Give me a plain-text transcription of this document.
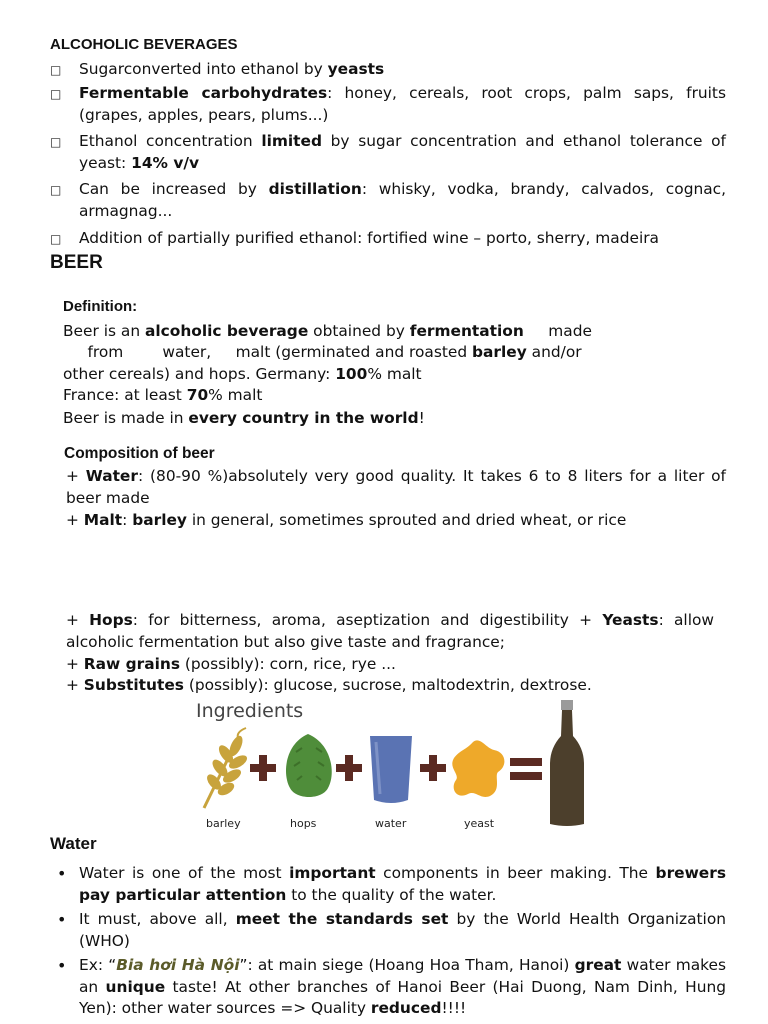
ALCOHOLIC BEVERAGES
□ Sugarconverted into ethanol by yeasts
□ Fermentable carbohydrates: honey, cereals, root crops, palm saps, fruits (grapes, apples, pears, plums...)
□ Ethanol concentration limited by sugar concentration and ethanol tolerance of yeast: 14% v/v
□ Can be increased by distillation: whisky, vodka, brandy, calvados, cognac, armagnag...
□ Addition of partially purified ethanol: fortified wine – porto, sherry, madeira
BEER
Definition:
Beer is an alcoholic beverage obtained by fermentation     made
from        water,     malt (germinated and roasted barley and/or
other cereals) and hops. Germany: 100% malt
France: at least 70% malt
Beer is made in every country in the world!
Composition of beer
+ Water: (80-90 %)absolutely very good quality. It takes 6 to 8 liters for a liter of beer made
+ Malt: barley in general, sometimes sprouted and dried wheat, or rice
+ Hops: for bitterness, aroma, aseptization and digestibility + Yeasts: allow alcoholic fermentation but also give taste and fragrance;
+ Raw grains (possibly): corn, rice, rye ...
+ Substitutes (possibly): glucose, sucrose, maltodextrin, dextrose.
Ingredients
barley	hops	water	yeast
Water
• Water is one of the most important components in beer making. The brewers pay particular attention to the quality of the water.
• It must, above all, meet the standards set by the World Health Organization (WHO)
• Ex: “Bia hơi Hà Nội”: at main siege (Hoang Hoa Tham, Hanoi) great water makes an unique taste! At other branches of Hanoi Beer (Hai Duong, Nam Dinh, Hung Yen): other water sources => Quality reduced!!!!
